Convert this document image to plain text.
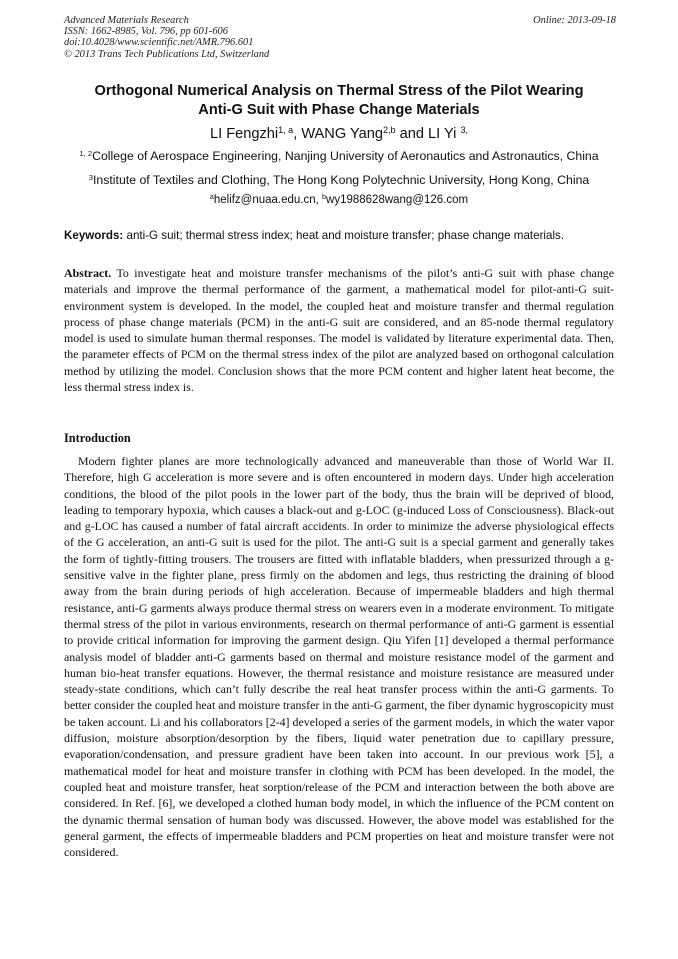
Advanced Materials Research
ISSN: 1662-8985, Vol. 796, pp 601-606
doi:10.4028/www.scientific.net/AMR.796.601
© 2013 Trans Tech Publications Ltd, Switzerland
Online: 2013-09-18
Orthogonal Numerical Analysis on Thermal Stress of the Pilot Wearing
Anti-G Suit with Phase Change Materials
LI Fengzhi$^{1, a}$, WANG Yang$^{2,b}$ and LI Yi $^{3,}$
$^{1, 2}$College of Aerospace Engineering, Nanjing University of Aeronautics and Astronautics, China
$^3$Institute of Textiles and Clothing, The Hong Kong Polytechnic University, Hong Kong, China
$^a$helifz@nuaa.edu.cn, $^b$wy1988628wang@126.com
Keywords: anti-G suit; thermal stress index; heat and moisture transfer; phase change materials.
Abstract. To investigate heat and moisture transfer mechanisms of the pilot’s anti-G suit with phase change materials and improve the thermal performance of the garment, a mathematical model for pilot-anti-G suit-environment system is developed. In the model, the coupled heat and moisture transfer and thermal regulation process of phase change materials (PCM) in the anti-G suit are considered, and an 85-node thermal regulatory model is used to simulate human thermal responses. The model is validated by literature experimental data. Then, the parameter effects of PCM on the thermal stress index of the pilot are analyzed based on orthogonal calculation method by utilizing the model. Conclusion shows that the more PCM content and higher latent heat become, the less thermal stress index is.
Introduction
Modern fighter planes are more technologically advanced and maneuverable than those of World War II. Therefore, high G acceleration is more severe and is often encountered in modern days. Under high acceleration conditions, the blood of the pilot pools in the lower part of the body, thus the brain will be deprived of blood, leading to temporary hypoxia, which causes a black-out and g-LOC (g-induced Loss of Consciousness). Black-out and g-LOC has caused a number of fatal aircraft accidents. In order to minimize the adverse physiological effects of the G acceleration, an anti-G suit is used for the pilot. The anti-G suit is a special garment and generally takes the form of tightly-fitting trousers. The trousers are fitted with inflatable bladders, when pressurized through a g-sensitive valve in the fighter plane, press firmly on the abdomen and legs, thus restricting the draining of blood away from the brain during periods of high acceleration. Because of impermeable bladders and high thermal resistance, anti-G garments always produce thermal stress on wearers even in a moderate environment. To mitigate thermal stress of the pilot in various environments, research on thermal performance of anti-G garment is essential to provide critical information for improving the garment design. Qiu Yifen [1] developed a thermal performance analysis model of bladder anti-G garments based on thermal and moisture resistance model of the garment and human bio-heat transfer equations. However, the thermal resistance and moisture resistance are measured under steady-state conditions, which can’t fully describe the real heat transfer process within the anti-G garments. To better consider the coupled heat and moisture transfer in the anti-G garment, the fiber dynamic hygroscopicity must be taken account. Li and his collaborators [2-4] developed a series of the garment models, in which the water vapor diffusion, moisture absorption/desorption by the fibers, liquid water penetration due to capillary pressure, evaporation/condensation, and pressure gradient have been taken into account. In our previous work [5], a mathematical model for heat and moisture transfer in clothing with PCM has been developed. In the model, the coupled heat and moisture transfer, heat sorption/release of the PCM and interaction between the both above are considered. In Ref. [6], we developed a clothed human body model, in which the influence of the PCM content on the dynamic thermal sensation of human body was discussed. However, the above model was established for the general garment, the effects of impermeable bladders and PCM properties on heat and moisture transfer were not considered.
